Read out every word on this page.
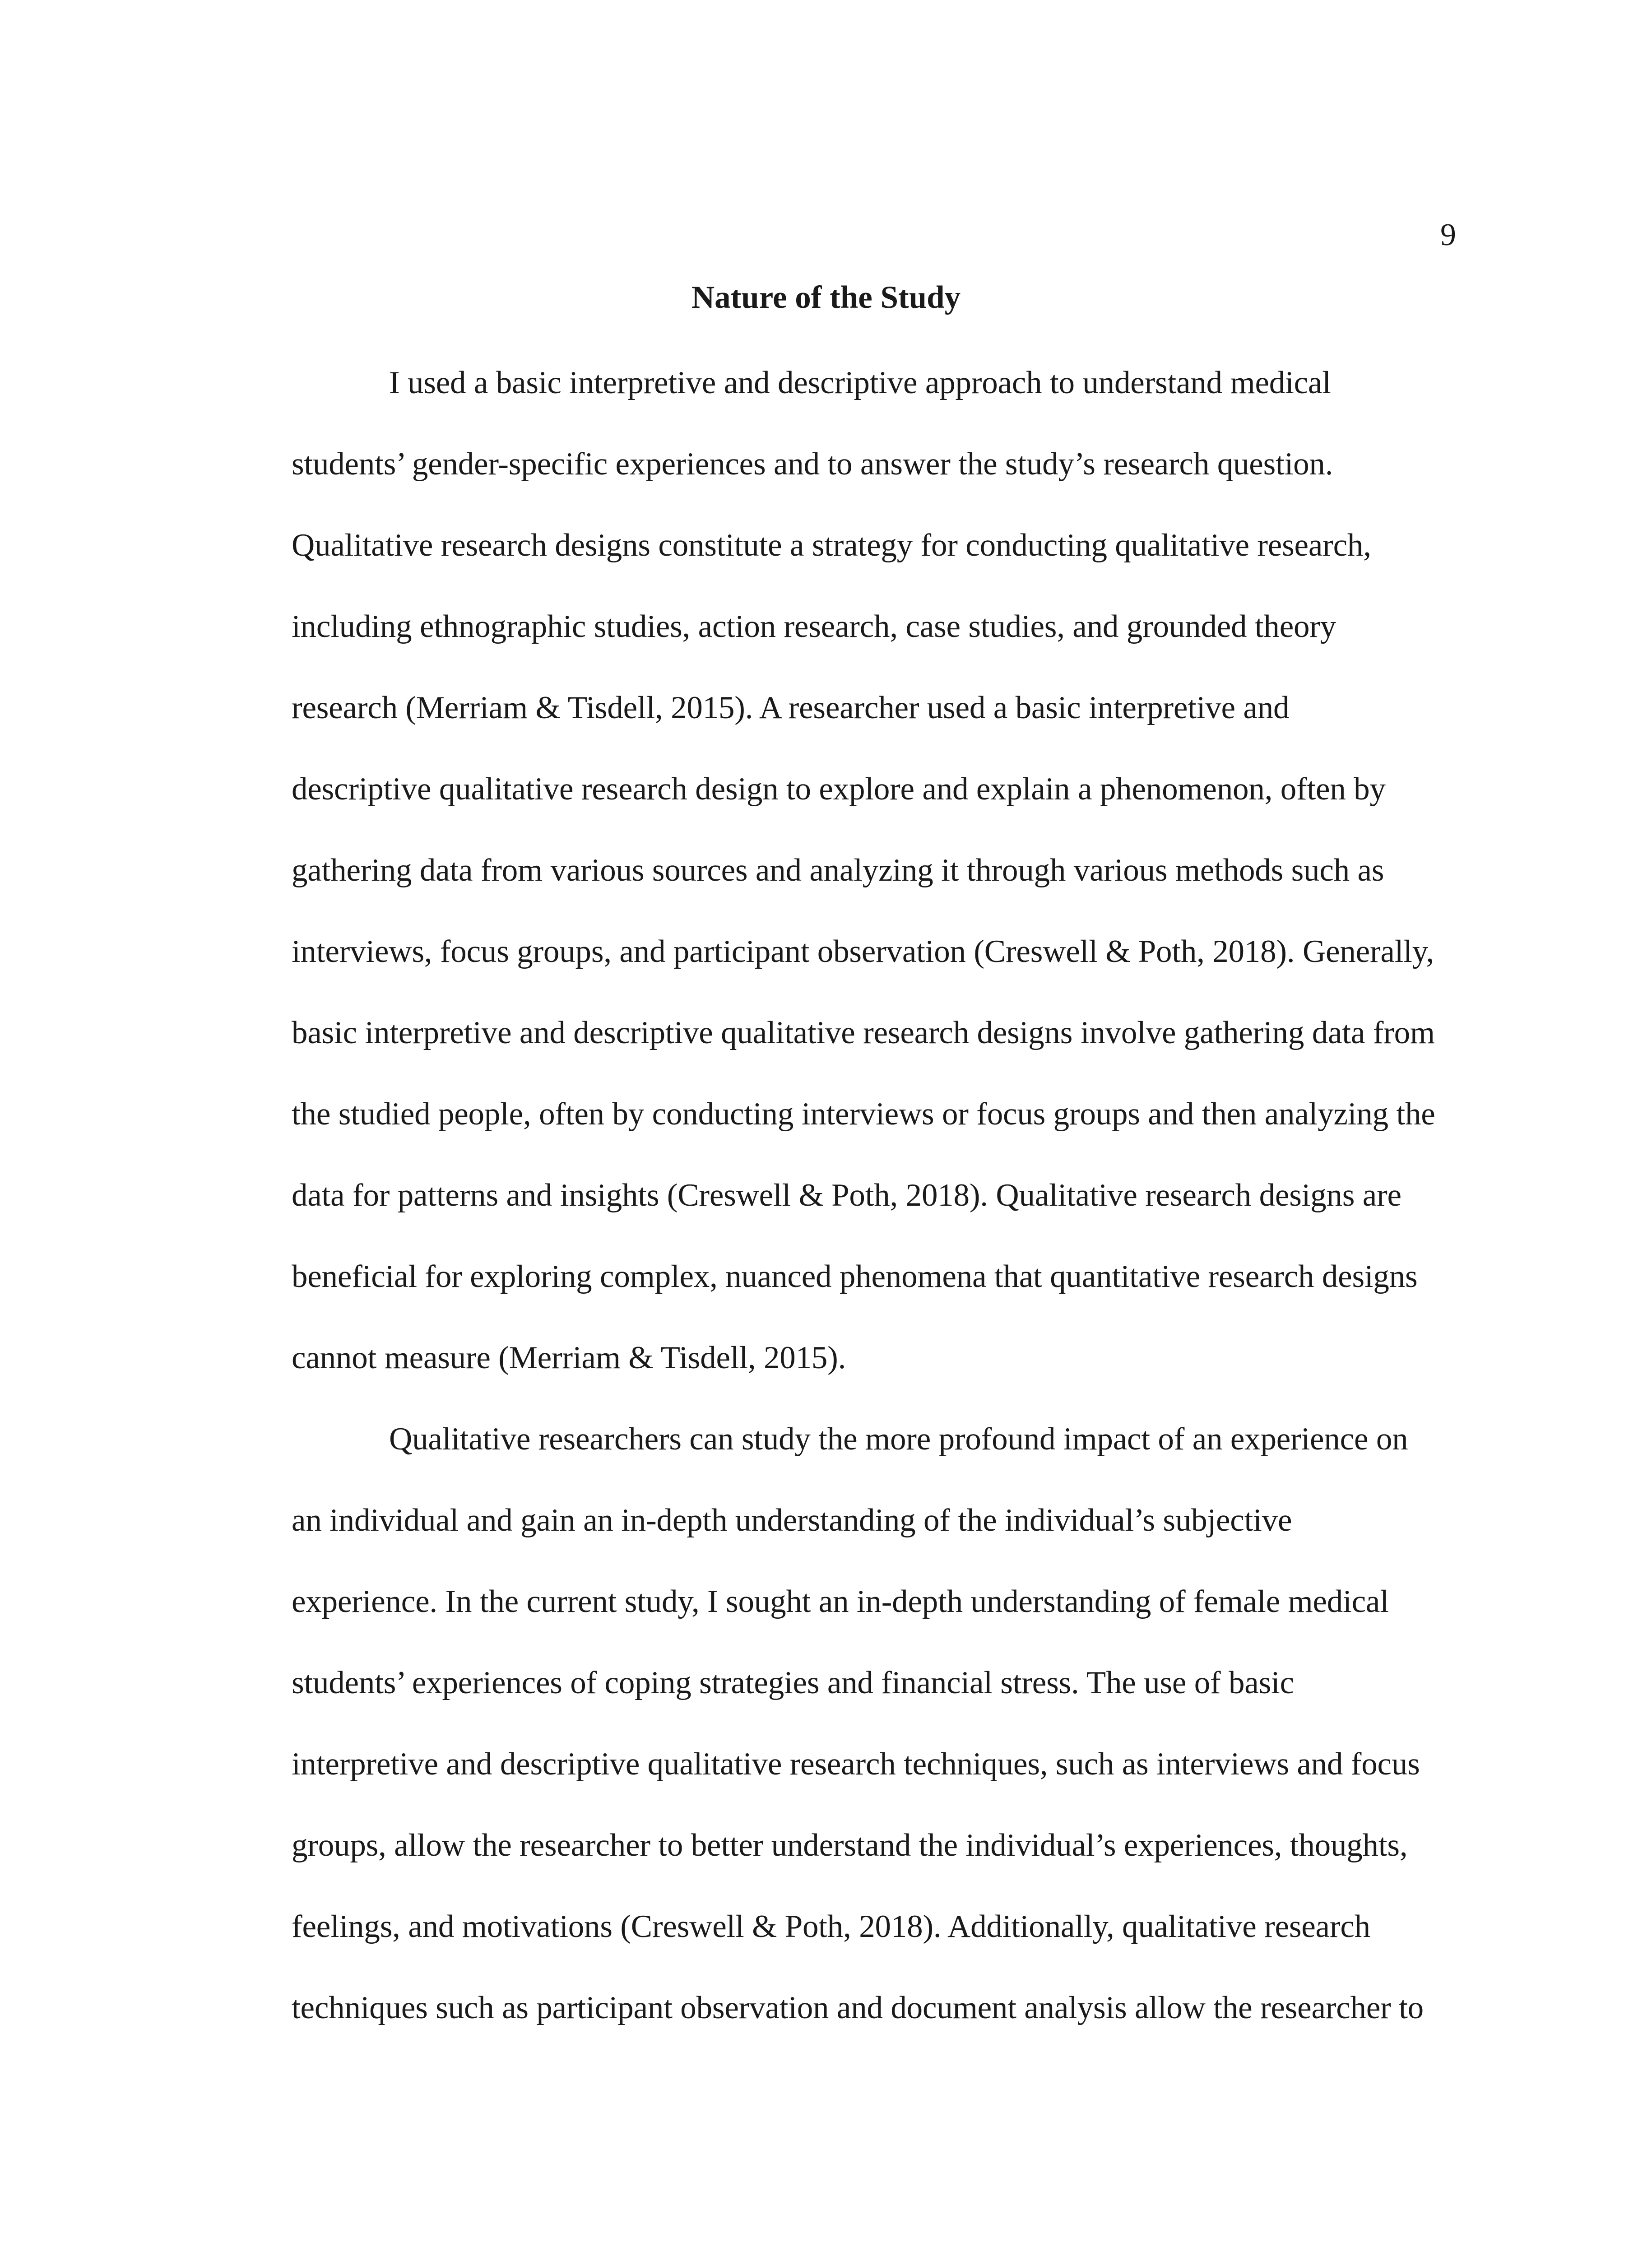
9
Nature of the Study
I used a basic interpretive and descriptive approach to understand medical
students’ gender-specific experiences and to answer the study’s research question.
Qualitative research designs constitute a strategy for conducting qualitative research,
including ethnographic studies, action research, case studies, and grounded theory
research (Merriam & Tisdell, 2015). A researcher used a basic interpretive and
descriptive qualitative research design to explore and explain a phenomenon, often by
gathering data from various sources and analyzing it through various methods such as
interviews, focus groups, and participant observation (Creswell & Poth, 2018). Generally,
basic interpretive and descriptive qualitative research designs involve gathering data from
the studied people, often by conducting interviews or focus groups and then analyzing the
data for patterns and insights (Creswell & Poth, 2018). Qualitative research designs are
beneficial for exploring complex, nuanced phenomena that quantitative research designs
cannot measure (Merriam & Tisdell, 2015).
Qualitative researchers can study the more profound impact of an experience on
an individual and gain an in-depth understanding of the individual’s subjective
experience. In the current study, I sought an in-depth understanding of female medical
students’ experiences of coping strategies and financial stress. The use of basic
interpretive and descriptive qualitative research techniques, such as interviews and focus
groups, allow the researcher to better understand the individual’s experiences, thoughts,
feelings, and motivations (Creswell & Poth, 2018). Additionally, qualitative research
techniques such as participant observation and document analysis allow the researcher to
